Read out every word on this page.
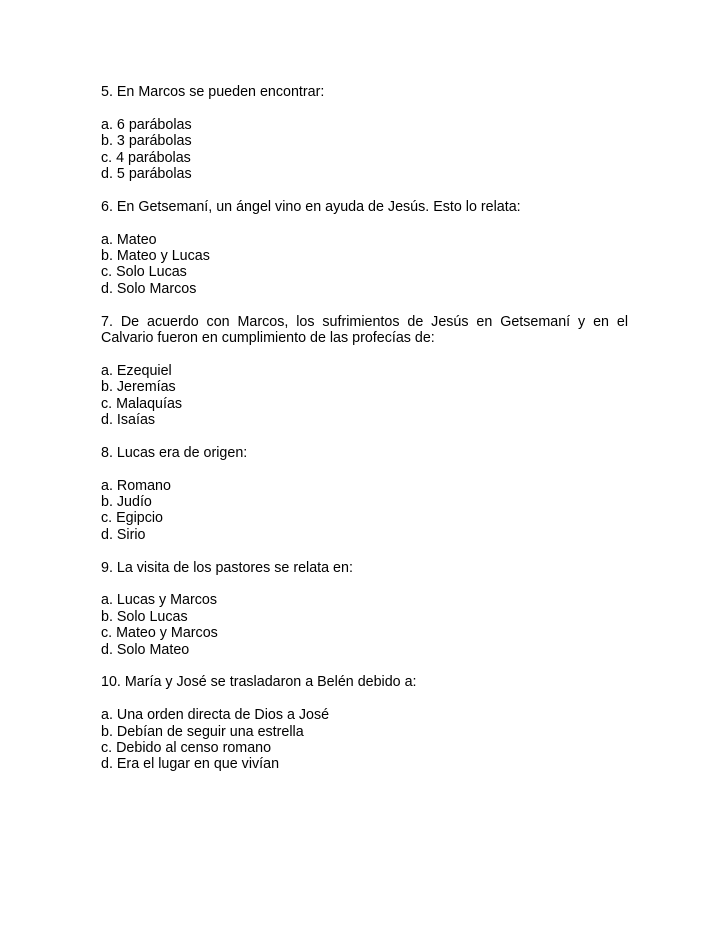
5. En Marcos se pueden encontrar:

a. 6 parábolas
b. 3 parábolas
c. 4 parábolas
d. 5 parábolas

6. En Getsemaní, un ángel vino en ayuda de Jesús. Esto lo relata:

a. Mateo
b. Mateo y Lucas
c. Solo Lucas
d. Solo Marcos

7. De acuerdo con Marcos, los sufrimientos de Jesús en Getsemaní y en el Calvario fueron en cumplimiento de las profecías de:

a. Ezequiel
b. Jeremías
c. Malaquías
d. Isaías

8. Lucas era de origen:

a. Romano
b. Judío
c. Egipcio
d. Sirio

9. La visita de los pastores se relata en:

a. Lucas y Marcos
b. Solo Lucas
c. Mateo y Marcos
d. Solo Mateo

10. María y José se trasladaron a Belén debido a:

a. Una orden directa de Dios a José
b. Debían de seguir una estrella
c. Debido al censo romano
d. Era el lugar en que vivían
